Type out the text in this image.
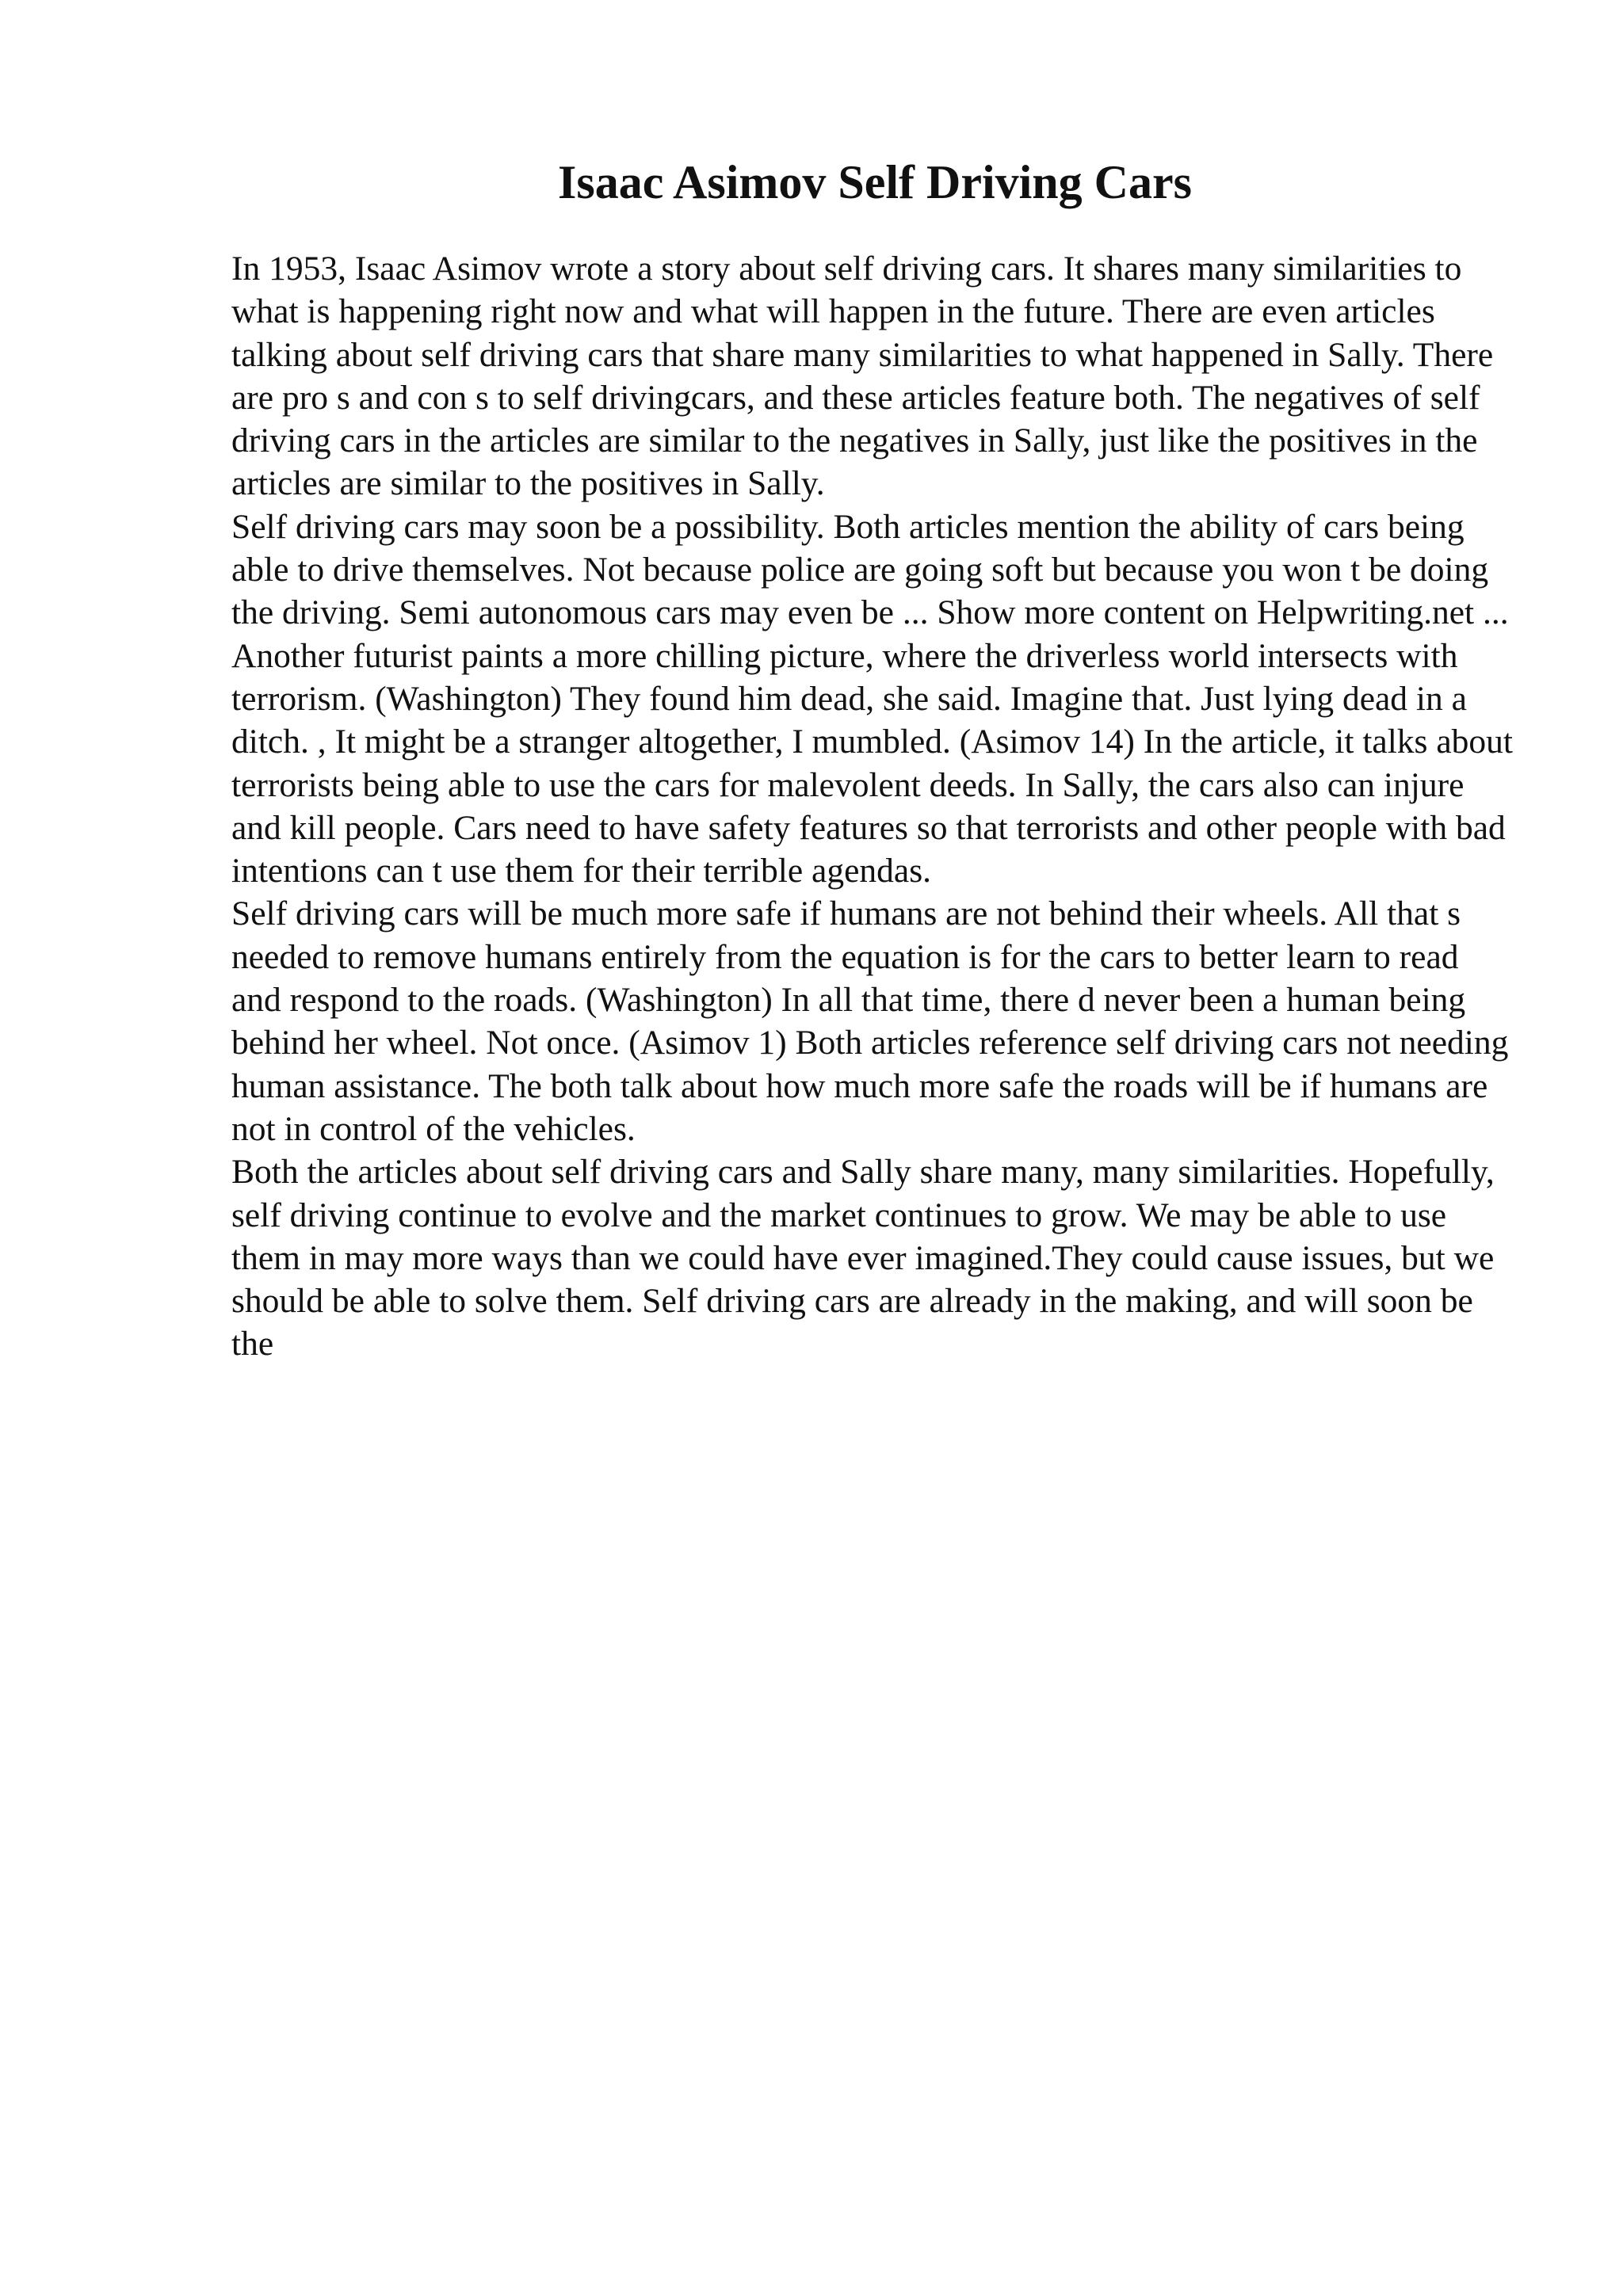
Isaac Asimov Self Driving Cars

In 1953, Isaac Asimov wrote a story about self driving cars. It shares many similarities to what is happening right now and what will happen in the future. There are even articles talking about self driving cars that share many similarities to what happened in Sally. There are pro s and con s to self drivingcars, and these articles feature both. The negatives of self driving cars in the articles are similar to the negatives in Sally, just like the positives in the articles are similar to the positives in Sally.

Self driving cars may soon be a possibility. Both articles mention the ability of cars being able to drive themselves. Not because police are going soft but because you won t be doing the driving. Semi autonomous cars may even be ... Show more content on Helpwriting.net ...

Another futurist paints a more chilling picture, where the driverless world intersects with terrorism. (Washington) They found him dead, she said. Imagine that. Just lying dead in a ditch. , It might be a stranger altogether, I mumbled. (Asimov 14) In the article, it talks about terrorists being able to use the cars for malevolent deeds. In Sally, the cars also can injure and kill people. Cars need to have safety features so that terrorists and other people with bad intentions can t use them for their terrible agendas.

Self driving cars will be much more safe if humans are not behind their wheels. All that s needed to remove humans entirely from the equation is for the cars to better learn to read and respond to the roads. (Washington) In all that time, there d never been a human being behind her wheel. Not once. (Asimov 1) Both articles reference self driving cars not needing human assistance. The both talk about how much more safe the roads will be if humans are not in control of the vehicles.

Both the articles about self driving cars and Sally share many, many similarities. Hopefully, self driving continue to evolve and the market continues to grow. We may be able to use them in may more ways than we could have ever imagined.They could cause issues, but we should be able to solve them. Self driving cars are already in the making, and will soon be the
